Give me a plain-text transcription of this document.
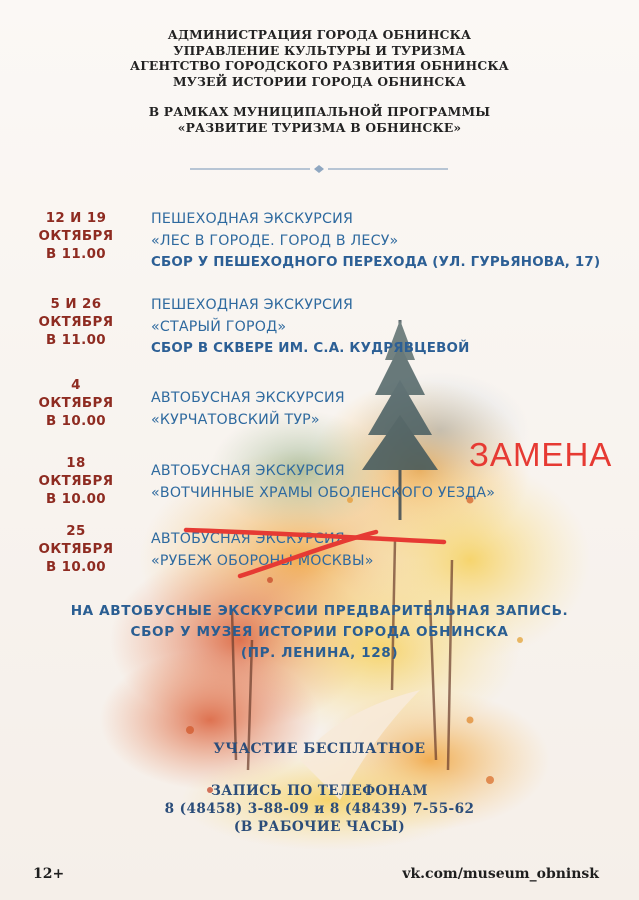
АДМИНИСТРАЦИЯ ГОРОДА ОБНИНСКА
УПРАВЛЕНИЕ КУЛЬТУРЫ И ТУРИЗМА
АГЕНТСТВО ГОРОДСКОГО РАЗВИТИЯ ОБНИНСКА
МУЗЕЙ ИСТОРИИ ГОРОДА ОБНИНСКА
В РАМКАХ МУНИЦИПАЛЬНОЙ ПРОГРАММЫ
«РАЗВИТИЕ ТУРИЗМА В ОБНИНСКЕ»
12 И 19
ОКТЯБРЯ
В 11.00
ПЕШЕХОДНАЯ ЭКСКУРСИЯ
«ЛЕС В ГОРОДЕ. ГОРОД В ЛЕСУ»
СБОР У ПЕШЕХОДНОГО ПЕРЕХОДА (УЛ. ГУРЬЯНОВА, 17)
5 И 26
ОКТЯБРЯ
В 11.00
ПЕШЕХОДНАЯ ЭКСКУРСИЯ
«СТАРЫЙ ГОРОД»
СБОР В СКВЕРЕ ИМ. С.А. КУДРЯВЦЕВОЙ
4
ОКТЯБРЯ
В 10.00
АВТОБУСНАЯ ЭКСКУРСИЯ
«КУРЧАТОВСКИЙ ТУР»
18
ОКТЯБРЯ
В 10.00
АВТОБУСНАЯ ЭКСКУРСИЯ
«ВОТЧИННЫЕ ХРАМЫ ОБОЛЕНСКОГО УЕЗДА»
25
ОКТЯБРЯ
В 10.00
АВТОБУСНАЯ ЭКСКУРСИЯ
«РУБЕЖ ОБОРОНЫ МОСКВЫ»
ЗАМЕНА
НА АВТОБУСНЫЕ ЭКСКУРСИИ ПРЕДВАРИТЕЛЬНАЯ ЗАПИСЬ.
СБОР У МУЗЕЯ ИСТОРИИ ГОРОДА ОБНИНСКА
(ПР. ЛЕНИНА, 128)
УЧАСТИЕ БЕСПЛАТНОЕ
ЗАПИСЬ ПО ТЕЛЕФОНАМ
8 (48458) 3-88-09 и 8 (48439) 7-55-62
(В РАБОЧИЕ ЧАСЫ)
12+	vk.com/museum_obninsk
